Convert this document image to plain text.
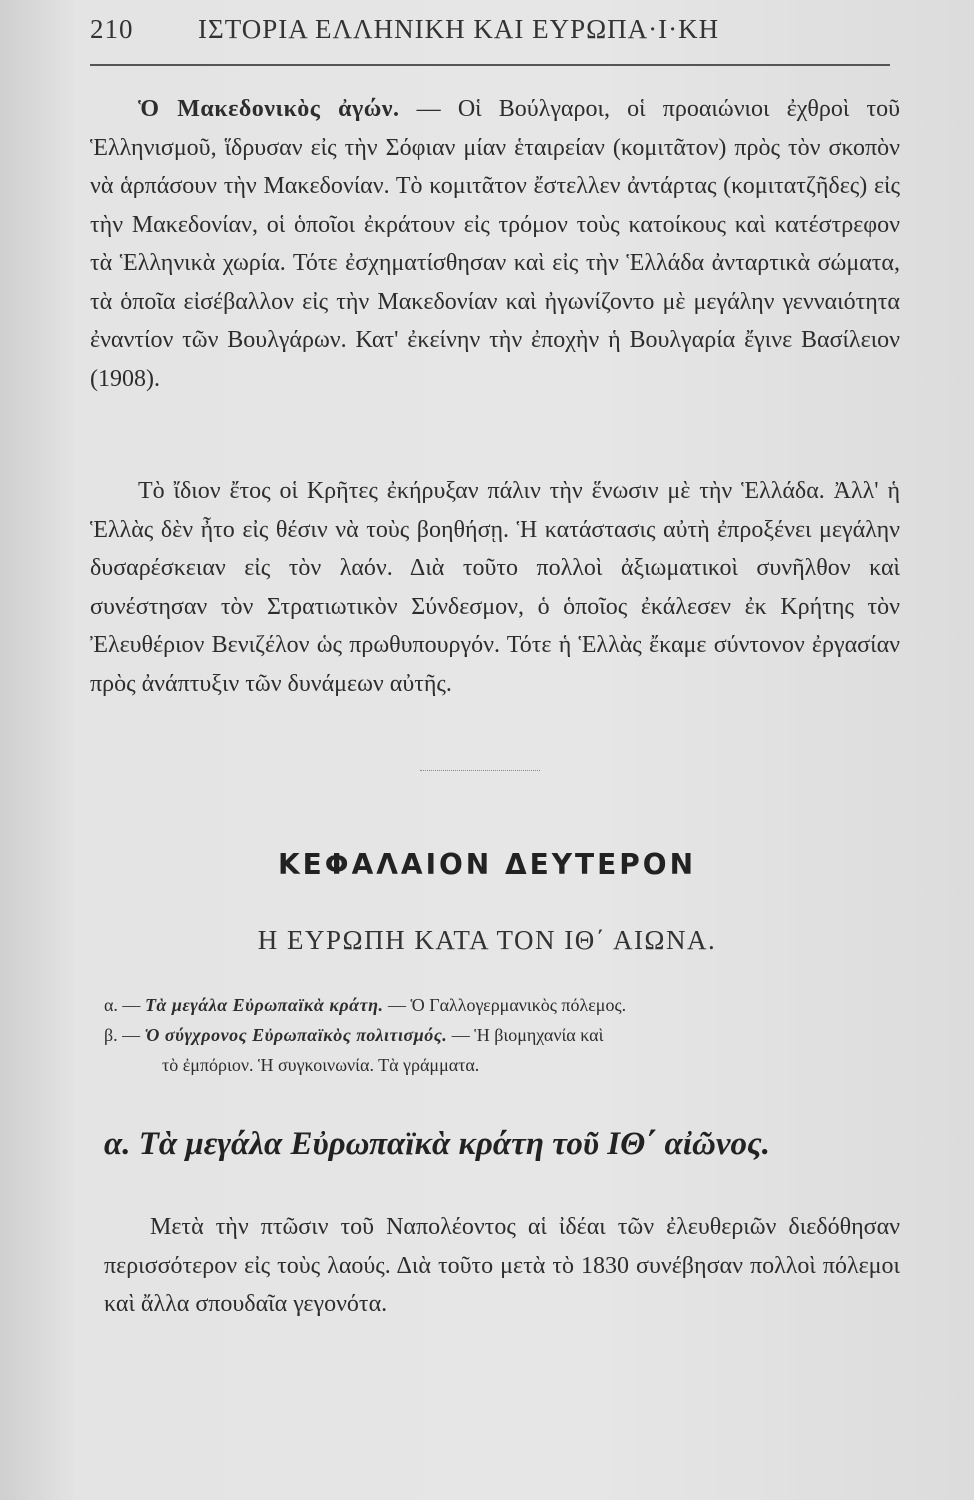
210 ΙΣΤΟΡΙΑ ΕΛΛΗΝΙΚΗ ΚΑΙ ΕΥΡΩΠΑ·Ι·ΚΗ

Ὁ Μακεδονικὸς ἀγών. — Οἱ Βούλγαροι, οἱ προαιώνιοι ἐχθροὶ τοῦ Ἑλληνισμοῦ, ἵδρυσαν εἰς τὴν Σόφιαν μίαν ἑταιρείαν (κομιτᾶτον) πρὸς τὸν σκοπὸν νὰ ἁρπάσουν τὴν Μακεδονίαν. Τὸ κομιτᾶτον ἔστελλεν ἀντάρτας (κομιτατζῆδες) εἰς τὴν Μακεδονίαν, οἱ ὁποῖοι ἐκράτουν εἰς τρόμον τοὺς κατοίκους καὶ κατέστρεφον τὰ Ἑλληνικὰ χωρία. Τότε ἐσχηματίσθησαν καὶ εἰς τὴν Ἑλλάδα ἀνταρτικὰ σώματα, τὰ ὁποῖα εἰσέβαλλον εἰς τὴν Μακεδονίαν καὶ ἠγωνίζοντο μὲ μεγάλην γενναιότητα ἐναντίον τῶν Βουλγάρων. Κατ' ἐκείνην τὴν ἐποχὴν ἡ Βουλγαρία ἔγινε Βασίλειον (1908).

Τὸ ἴδιον ἔτος οἱ Κρῆτες ἐκήρυξαν πάλιν τὴν ἕνωσιν μὲ τὴν Ἑλλάδα. Ἀλλ' ἡ Ἑλλὰς δὲν ἦτο εἰς θέσιν νὰ τοὺς βοηθήσῃ. Ἡ κατάστασις αὐτὴ ἐπροξένει μεγάλην δυσαρέσκειαν εἰς τὸν λαόν. Διὰ τοῦτο πολλοὶ ἀξιωματικοὶ συνῆλθον καὶ συνέστησαν τὸν Στρατιωτικὸν Σύνδεσμον, ὁ ὁποῖος ἐκάλεσεν ἐκ Κρήτης τὸν Ἐλευθέριον Βενιζέλον ὡς πρωθυπουργόν. Τότε ἡ Ἑλλὰς ἔκαμε σύντονον ἐργασίαν πρὸς ἀνάπτυξιν τῶν δυνάμεων αὐτῆς.

ΚΕΦΑΛΑΙΟΝ ΔΕΥΤΕΡΟΝ
Η ΕΥΡΩΠΗ ΚΑΤΑ ΤΟΝ ΙΘ΄ ΑΙΩΝΑ.
α. — Τὰ μεγάλα Εὐρωπαϊκὰ κράτη. — Ὁ Γαλλογερμανικὸς πόλεμος.
β. — Ὁ σύγχρονος Εὐρωπαϊκὸς πολιτισμός. — Ἡ βιομηχανία καὶ
τὸ ἐμπόριον. Ἡ συγκοινωνία. Τὰ γράμματα.
α. Τὰ μεγάλα Εὐρωπαϊκὰ κράτη τοῦ ΙΘ΄ αἰῶνος.

Μετὰ τὴν πτῶσιν τοῦ Ναπολέοντος αἱ ἰδέαι τῶν ἐλευθεριῶν διεδόθησαν περισσότερον εἰς τοὺς λαούς. Διὰ τοῦτο μετὰ τὸ 1830 συνέβησαν πολλοὶ πόλεμοι καὶ ἄλλα σπουδαῖα γεγονότα.
